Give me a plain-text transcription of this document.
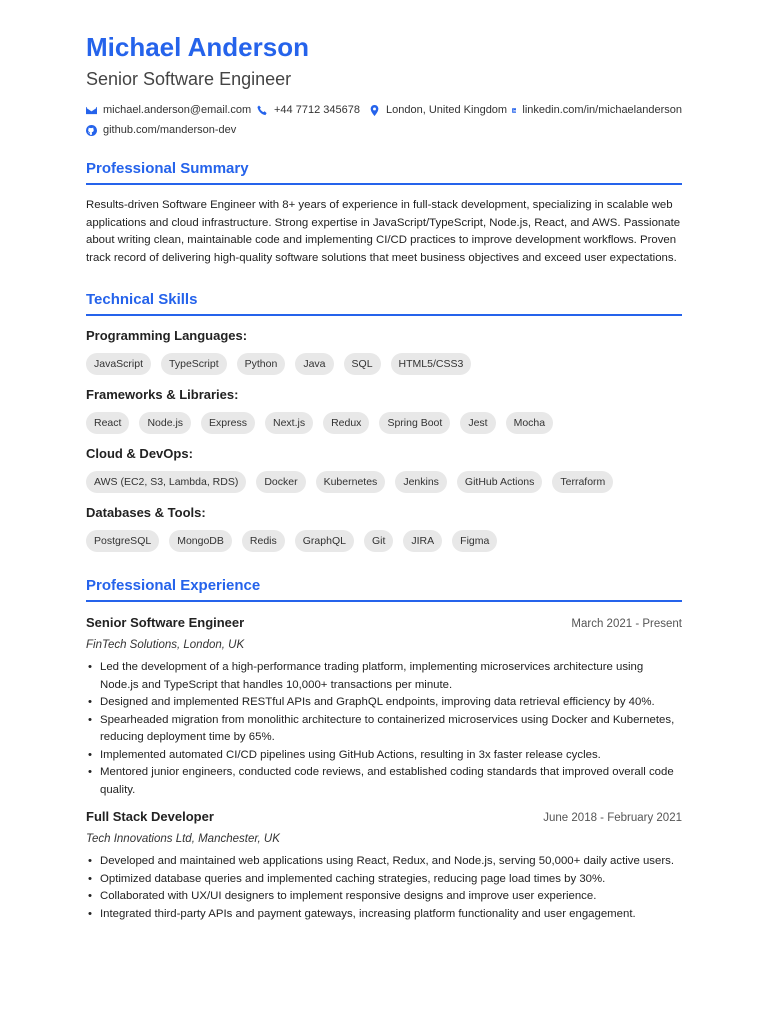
Michael Anderson
Senior Software Engineer
michael.anderson@email.com +44 7712 345678 London, United Kingdom linkedin.com/in/michaelanderson
github.com/manderson-dev
Professional Summary

Results-driven Software Engineer with 8+ years of experience in full-stack development, specializing in scalable web applications and cloud infrastructure. Strong expertise in JavaScript/TypeScript, Node.js, React, and AWS. Passionate about writing clean, maintainable code and implementing CI/CD practices to improve development workflows. Proven track record of delivering high-quality software solutions that meet business objectives and exceed user expectations.

Technical Skills
Programming Languages:
JavaScript	TypeScript	Python	Java	SQL	HTML5/CSS3
Frameworks & Libraries:
React	Node.js	Express	Next.js	Redux	Spring Boot	Jest	Mocha
Cloud & DevOps:
AWS (EC2, S3, Lambda, RDS)	Docker	Kubernetes	Jenkins	GitHub Actions	Terraform
Databases & Tools:
PostgreSQL	MongoDB	Redis	GraphQL	Git	JIRA	Figma
Professional Experience
Senior Software Engineer	March 2021 - Present
FinTech Solutions, London, UK
• Led the development of a high-performance trading platform, implementing microservices architecture using Node.js and TypeScript that handles 10,000+ transactions per minute.
• Designed and implemented RESTful APIs and GraphQL endpoints, improving data retrieval efficiency by 40%.
• Spearheaded migration from monolithic architecture to containerized microservices using Docker and Kubernetes, reducing deployment time by 65%.
• Implemented automated CI/CD pipelines using GitHub Actions, resulting in 3x faster release cycles.
• Mentored junior engineers, conducted code reviews, and established coding standards that improved overall code quality.
Full Stack Developer	June 2018 - February 2021
Tech Innovations Ltd, Manchester, UK
• Developed and maintained web applications using React, Redux, and Node.js, serving 50,000+ daily active users.
• Optimized database queries and implemented caching strategies, reducing page load times by 30%.
• Collaborated with UX/UI designers to implement responsive designs and improve user experience.
• Integrated third-party APIs and payment gateways, increasing platform functionality and user engagement.
